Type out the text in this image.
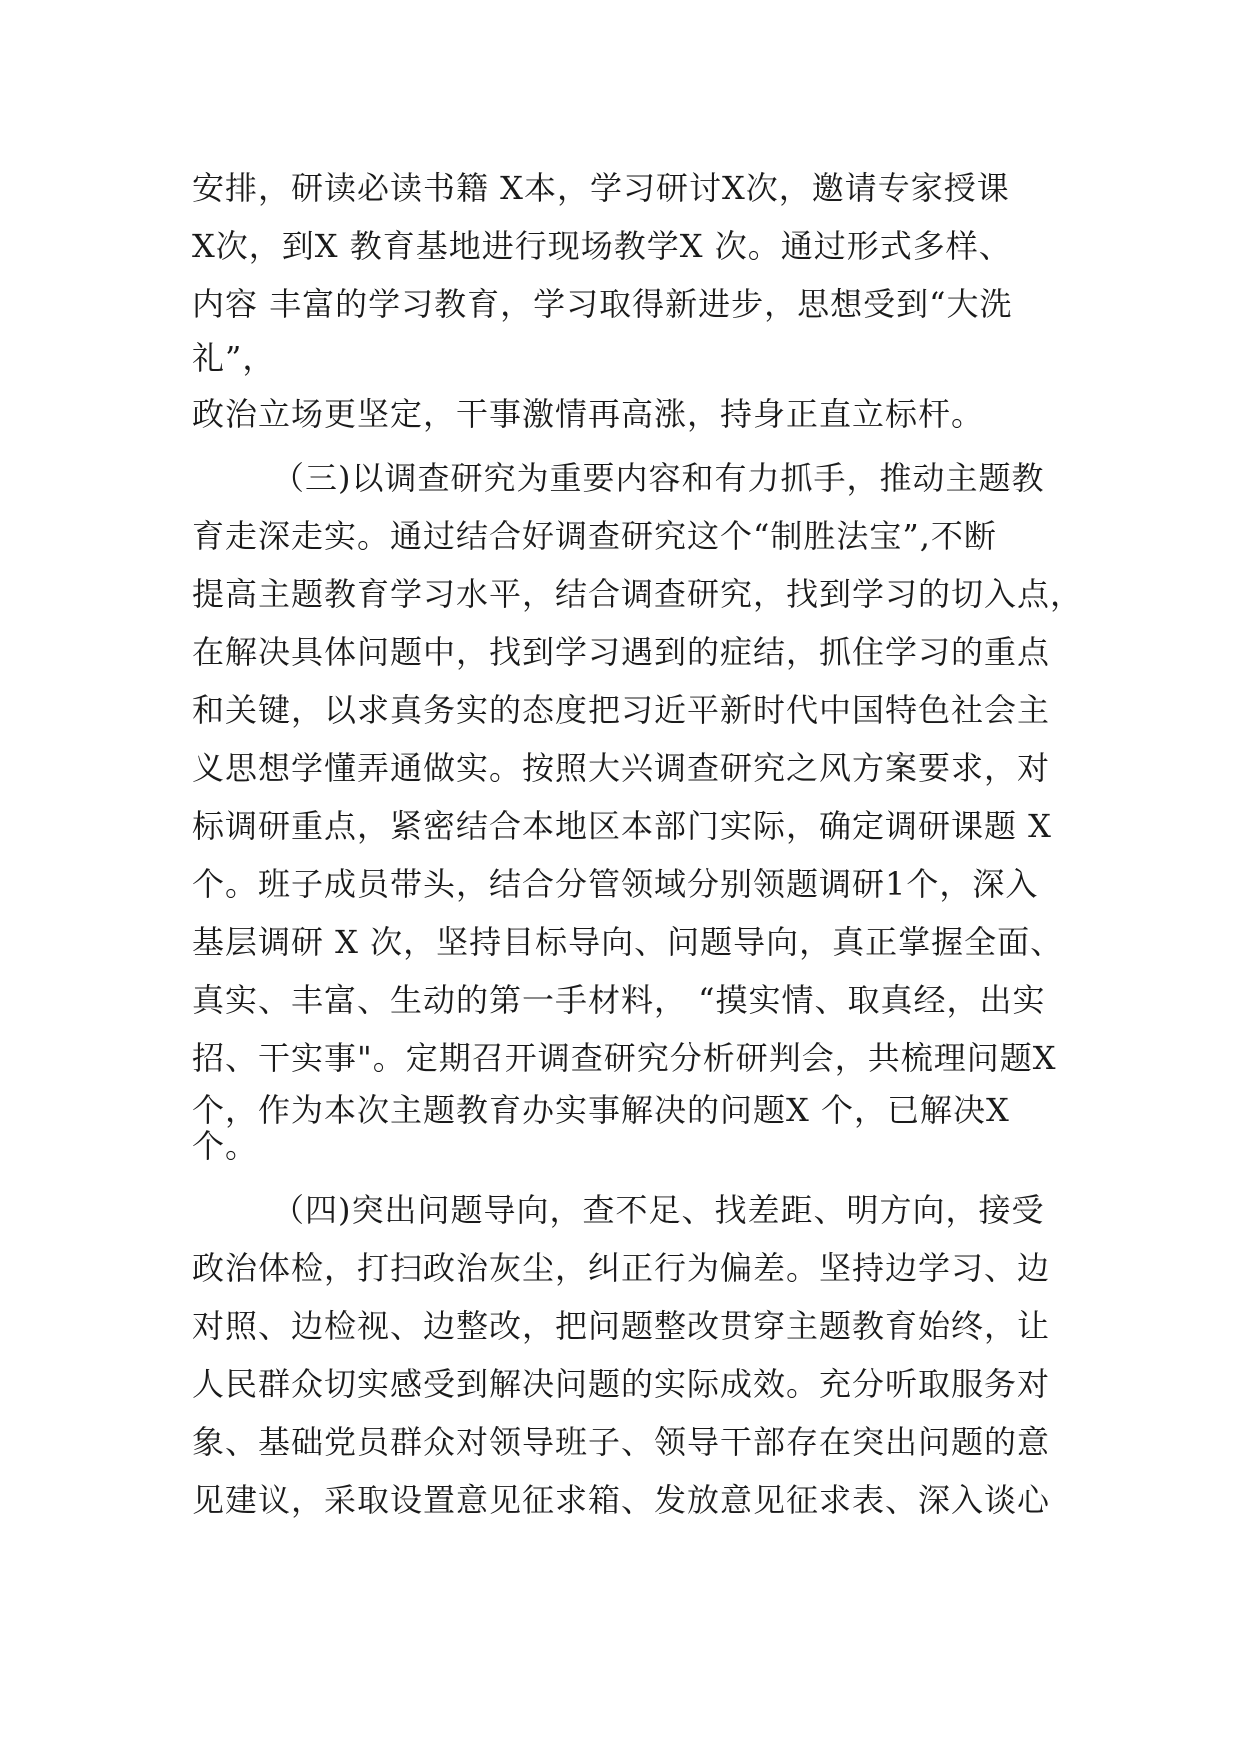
安排，研读必读书籍 X本，学习研讨X次，邀请专家授课
X次，到X 教育基地进行现场教学X 次。通过形式多样、
内容 丰富的学习教育，学习取得新进步，思想受到“大洗
礼”，
政治立场更坚定，干事激情再高涨，持身正直立标杆。
（三)以调查研究为重要内容和有力抓手，推动主题教
育走深走实。通过结合好调查研究这个“制胜法宝”,不断
提高主题教育学习水平，结合调查研究，找到学习的切入点，
在解决具体问题中，找到学习遇到的症结，抓住学习的重点
和关键，以求真务实的态度把习近平新时代中国特色社会主
义思想学懂弄通做实。按照大兴调查研究之风方案要求，对
标调研重点，紧密结合本地区本部门实际，确定调研课题 X
个。班子成员带头，结合分管领域分别领题调研1个，深入
基层调研 X 次，坚持目标导向、问题导向，真正掌握全面、
真实、丰富、生动的第一手材料， “摸实情、取真经，出实
招、干实事"。定期召开调查研究分析研判会，共梳理问题X
个，作为本次主题教育办实事解决的问题X 个，已解决X
个。
（四)突出问题导向，查不足、找差距、明方向，接受
政治体检，打扫政治灰尘，纠正行为偏差。坚持边学习、边
对照、边检视、边整改，把问题整改贯穿主题教育始终，让
人民群众切实感受到解决问题的实际成效。充分听取服务对
象、基础党员群众对领导班子、领导干部存在突出问题的意
见建议，采取设置意见征求箱、发放意见征求表、深入谈心
